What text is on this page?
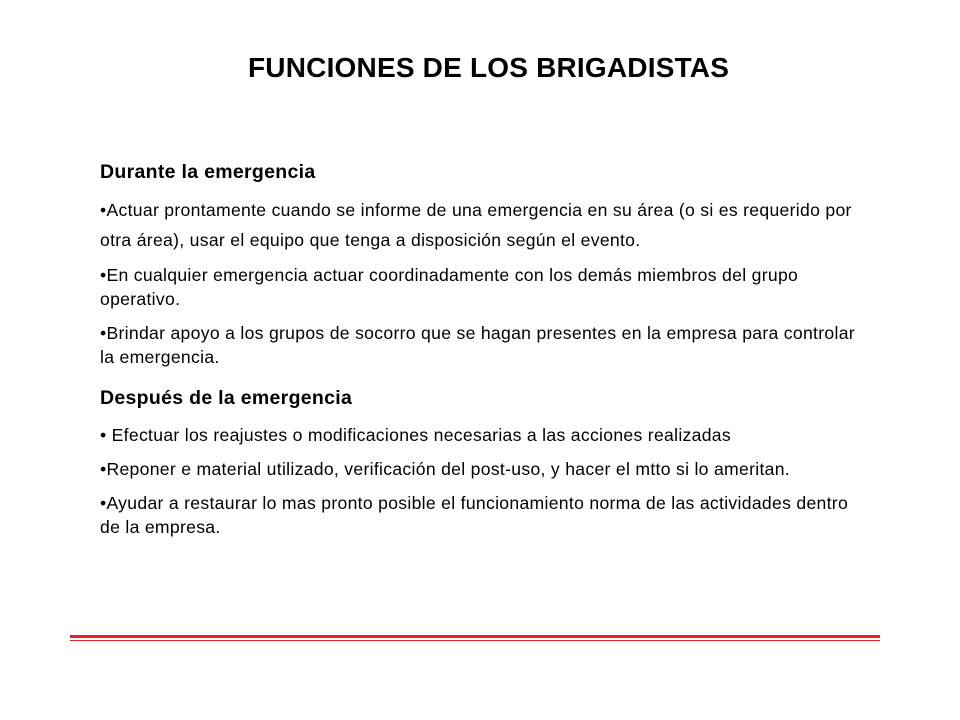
FUNCIONES DE LOS BRIGADISTAS
Durante la emergencia

•Actuar prontamente cuando se informe de una emergencia en su área (o si es requerido por otra área), usar el equipo que tenga a disposición según el evento.

•En cualquier emergencia actuar coordinadamente con los demás miembros del grupo operativo.

•Brindar apoyo a los grupos de socorro que se hagan presentes en la empresa para controlar la emergencia.

Después de la emergencia

• Efectuar los reajustes o modificaciones necesarias a las acciones realizadas

•Reponer e material utilizado, verificación del post-uso, y hacer el mtto si lo ameritan.

•Ayudar a restaurar lo mas pronto posible el funcionamiento norma de las actividades dentro de la empresa.
